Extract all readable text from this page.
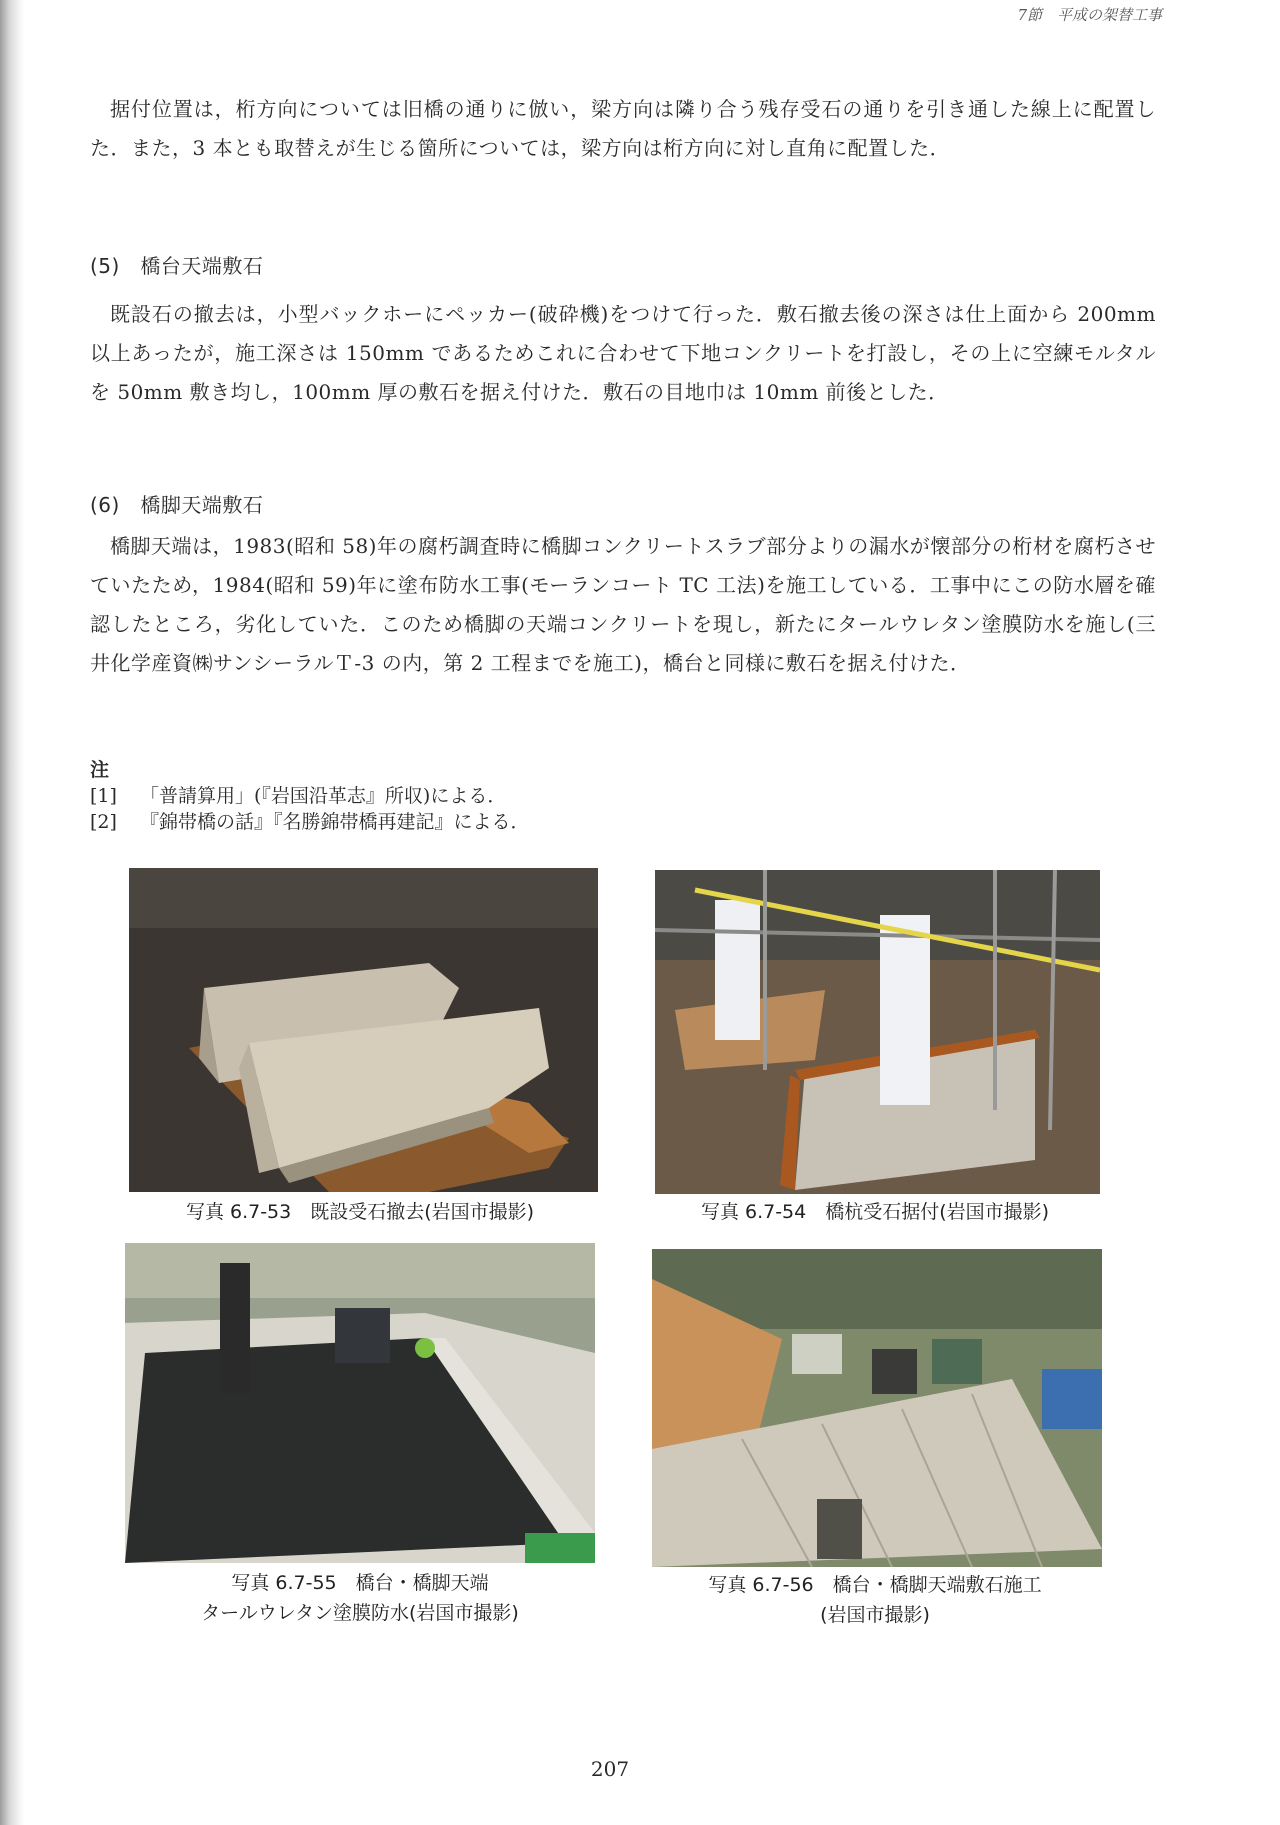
7節　平成の架替工事

据付位置は，桁方向については旧橋の通りに倣い，梁方向は隣り合う残存受石の通りを引き通した線上に配置した．また，3 本とも取替えが生じる箇所については，梁方向は桁方向に対し直角に配置した．

(5)　橋台天端敷石

既設石の撤去は，小型バックホーにペッカー(破砕機)をつけて行った．敷石撤去後の深さは仕上面から 200mm 以上あったが，施工深さは 150mm であるためこれに合わせて下地コンクリートを打設し，その上に空練モルタルを 50mm 敷き均し，100mm 厚の敷石を据え付けた．敷石の目地巾は 10mm 前後とした．

(6)　橋脚天端敷石

橋脚天端は，1983(昭和 58)年の腐朽調査時に橋脚コンクリートスラブ部分よりの漏水が懐部分の桁材を腐朽させていたため，1984(昭和 59)年に塗布防水工事(モーランコート TC 工法)を施工している．工事中にこの防水層を確認したところ，劣化していた．このため橋脚の天端コンクリートを現し，新たにタールウレタン塗膜防水を施し(三井化学産資㈱サンシーラルＴ-3 の内，第 2 工程までを施工)，橋台と同様に敷石を据え付けた．

注
[1]	「普請算用」(『岩国沿革志』所収)による．
[2]	『錦帯橋の話』『名勝錦帯橋再建記』による．
写真 6.7-53　既設受石撤去(岩国市撮影)	写真 6.7-54　橋杭受石据付(岩国市撮影)
写真 6.7-55　橋台・橋脚天端
タールウレタン塗膜防水(岩国市撮影)
写真 6.7-56　橋台・橋脚天端敷石施工
(岩国市撮影)
207
